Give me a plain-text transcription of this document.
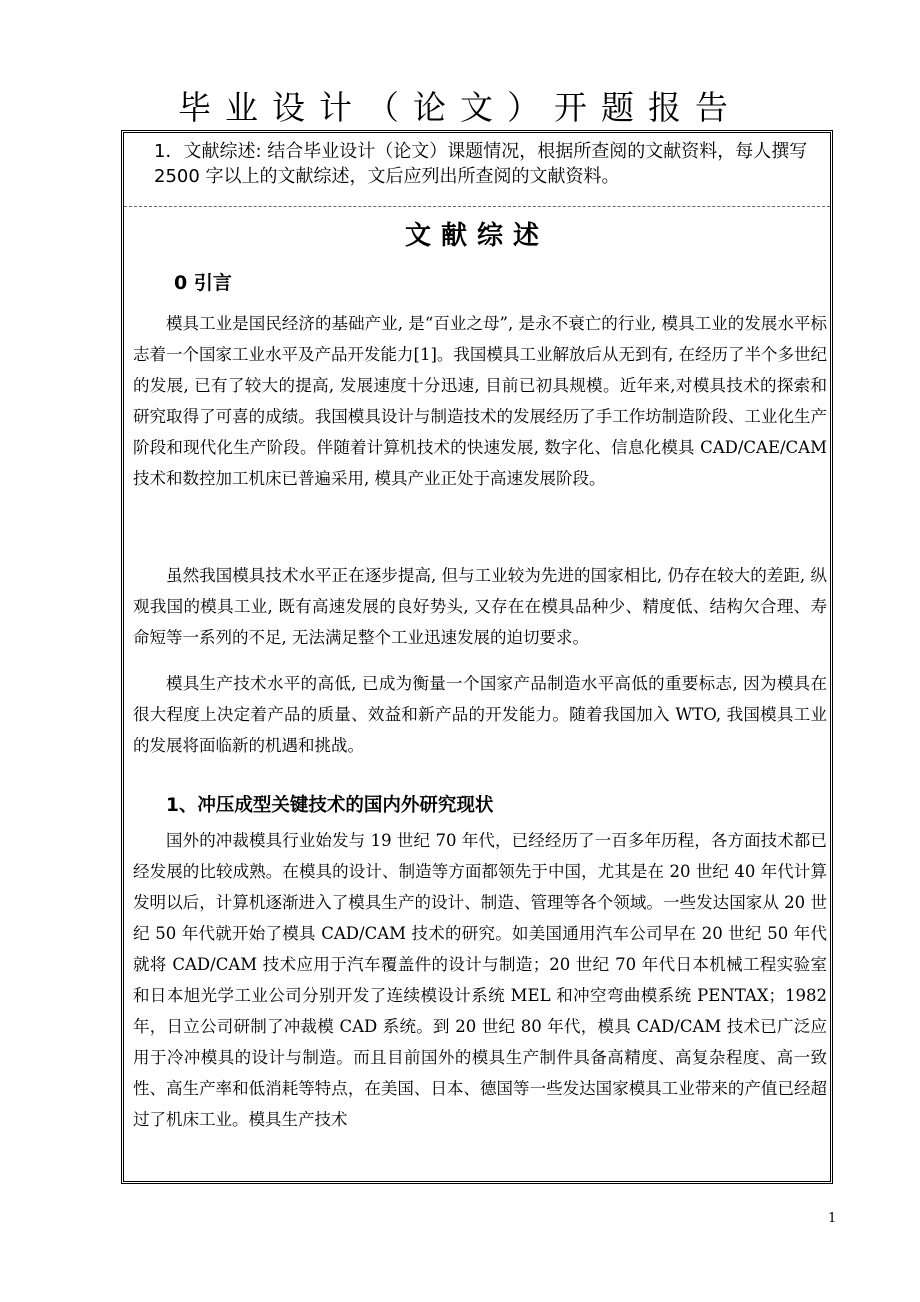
毕业设计（论文）开题报告
1．文献综述: 结合毕业设计（论文）课题情况，根据所查阅的文献资料，每人撰写 2500 字以上的文献综述，文后应列出所查阅的文献资料。
文献综述
0 引言

模具工业是国民经济的基础产业, 是“百业之母”, 是永不衰亡的行业, 模具工业的发展水平标志着一个国家工业水平及产品开发能力[1]。我国模具工业解放后从无到有, 在经历了半个多世纪的发展, 已有了较大的提高, 发展速度十分迅速, 目前已初具规模。近年来,对模具技术的探索和研究取得了可喜的成绩。我国模具设计与制造技术的发展经历了手工作坊制造阶段、工业化生产阶段和现代化生产阶段。伴随着计算机技术的快速发展, 数字化、信息化模具 CAD/CAE/CAM 技术和数控加工机床已普遍采用, 模具产业正处于高速发展阶段。

虽然我国模具技术水平正在逐步提高, 但与工业较为先进的国家相比, 仍存在较大的差距, 纵观我国的模具工业, 既有高速发展的良好势头, 又存在在模具品种少、精度低、结构欠合理、寿命短等一系列的不足, 无法满足整个工业迅速发展的迫切要求。

模具生产技术水平的高低, 已成为衡量一个国家产品制造水平高低的重要标志, 因为模具在很大程度上决定着产品的质量、效益和新产品的开发能力。随着我国加入 WTO, 我国模具工业的发展将面临新的机遇和挑战。

1、冲压成型关键技术的国内外研究现状

国外的冲裁模具行业始发与 19 世纪 70 年代，已经经历了一百多年历程，各方面技术都已经发展的比较成熟。在模具的设计、制造等方面都领先于中国，尤其是在 20 世纪 40 年代计算发明以后，计算机逐渐进入了模具生产的设计、制造、管理等各个领域。一些发达国家从 20 世纪 50 年代就开始了模具 CAD/CAM 技术的研究。如美国通用汽车公司早在 20 世纪 50 年代就将 CAD/CAM 技术应用于汽车覆盖件的设计与制造；20 世纪 70 年代日本机械工程实验室和日本旭光学工业公司分别开发了连续模设计系统 MEL 和冲空弯曲模系统 PENTAX；1982 年，日立公司研制了冲裁模 CAD 系统。到 20 世纪 80 年代，模具 CAD/CAM 技术已广泛应用于冷冲模具的设计与制造。而且目前国外的模具生产制件具备高精度、高复杂程度、高一致性、高生产率和低消耗等特点，在美国、日本、德国等一些发达国家模具工业带来的产值已经超过了机床工业。模具生产技术

1
